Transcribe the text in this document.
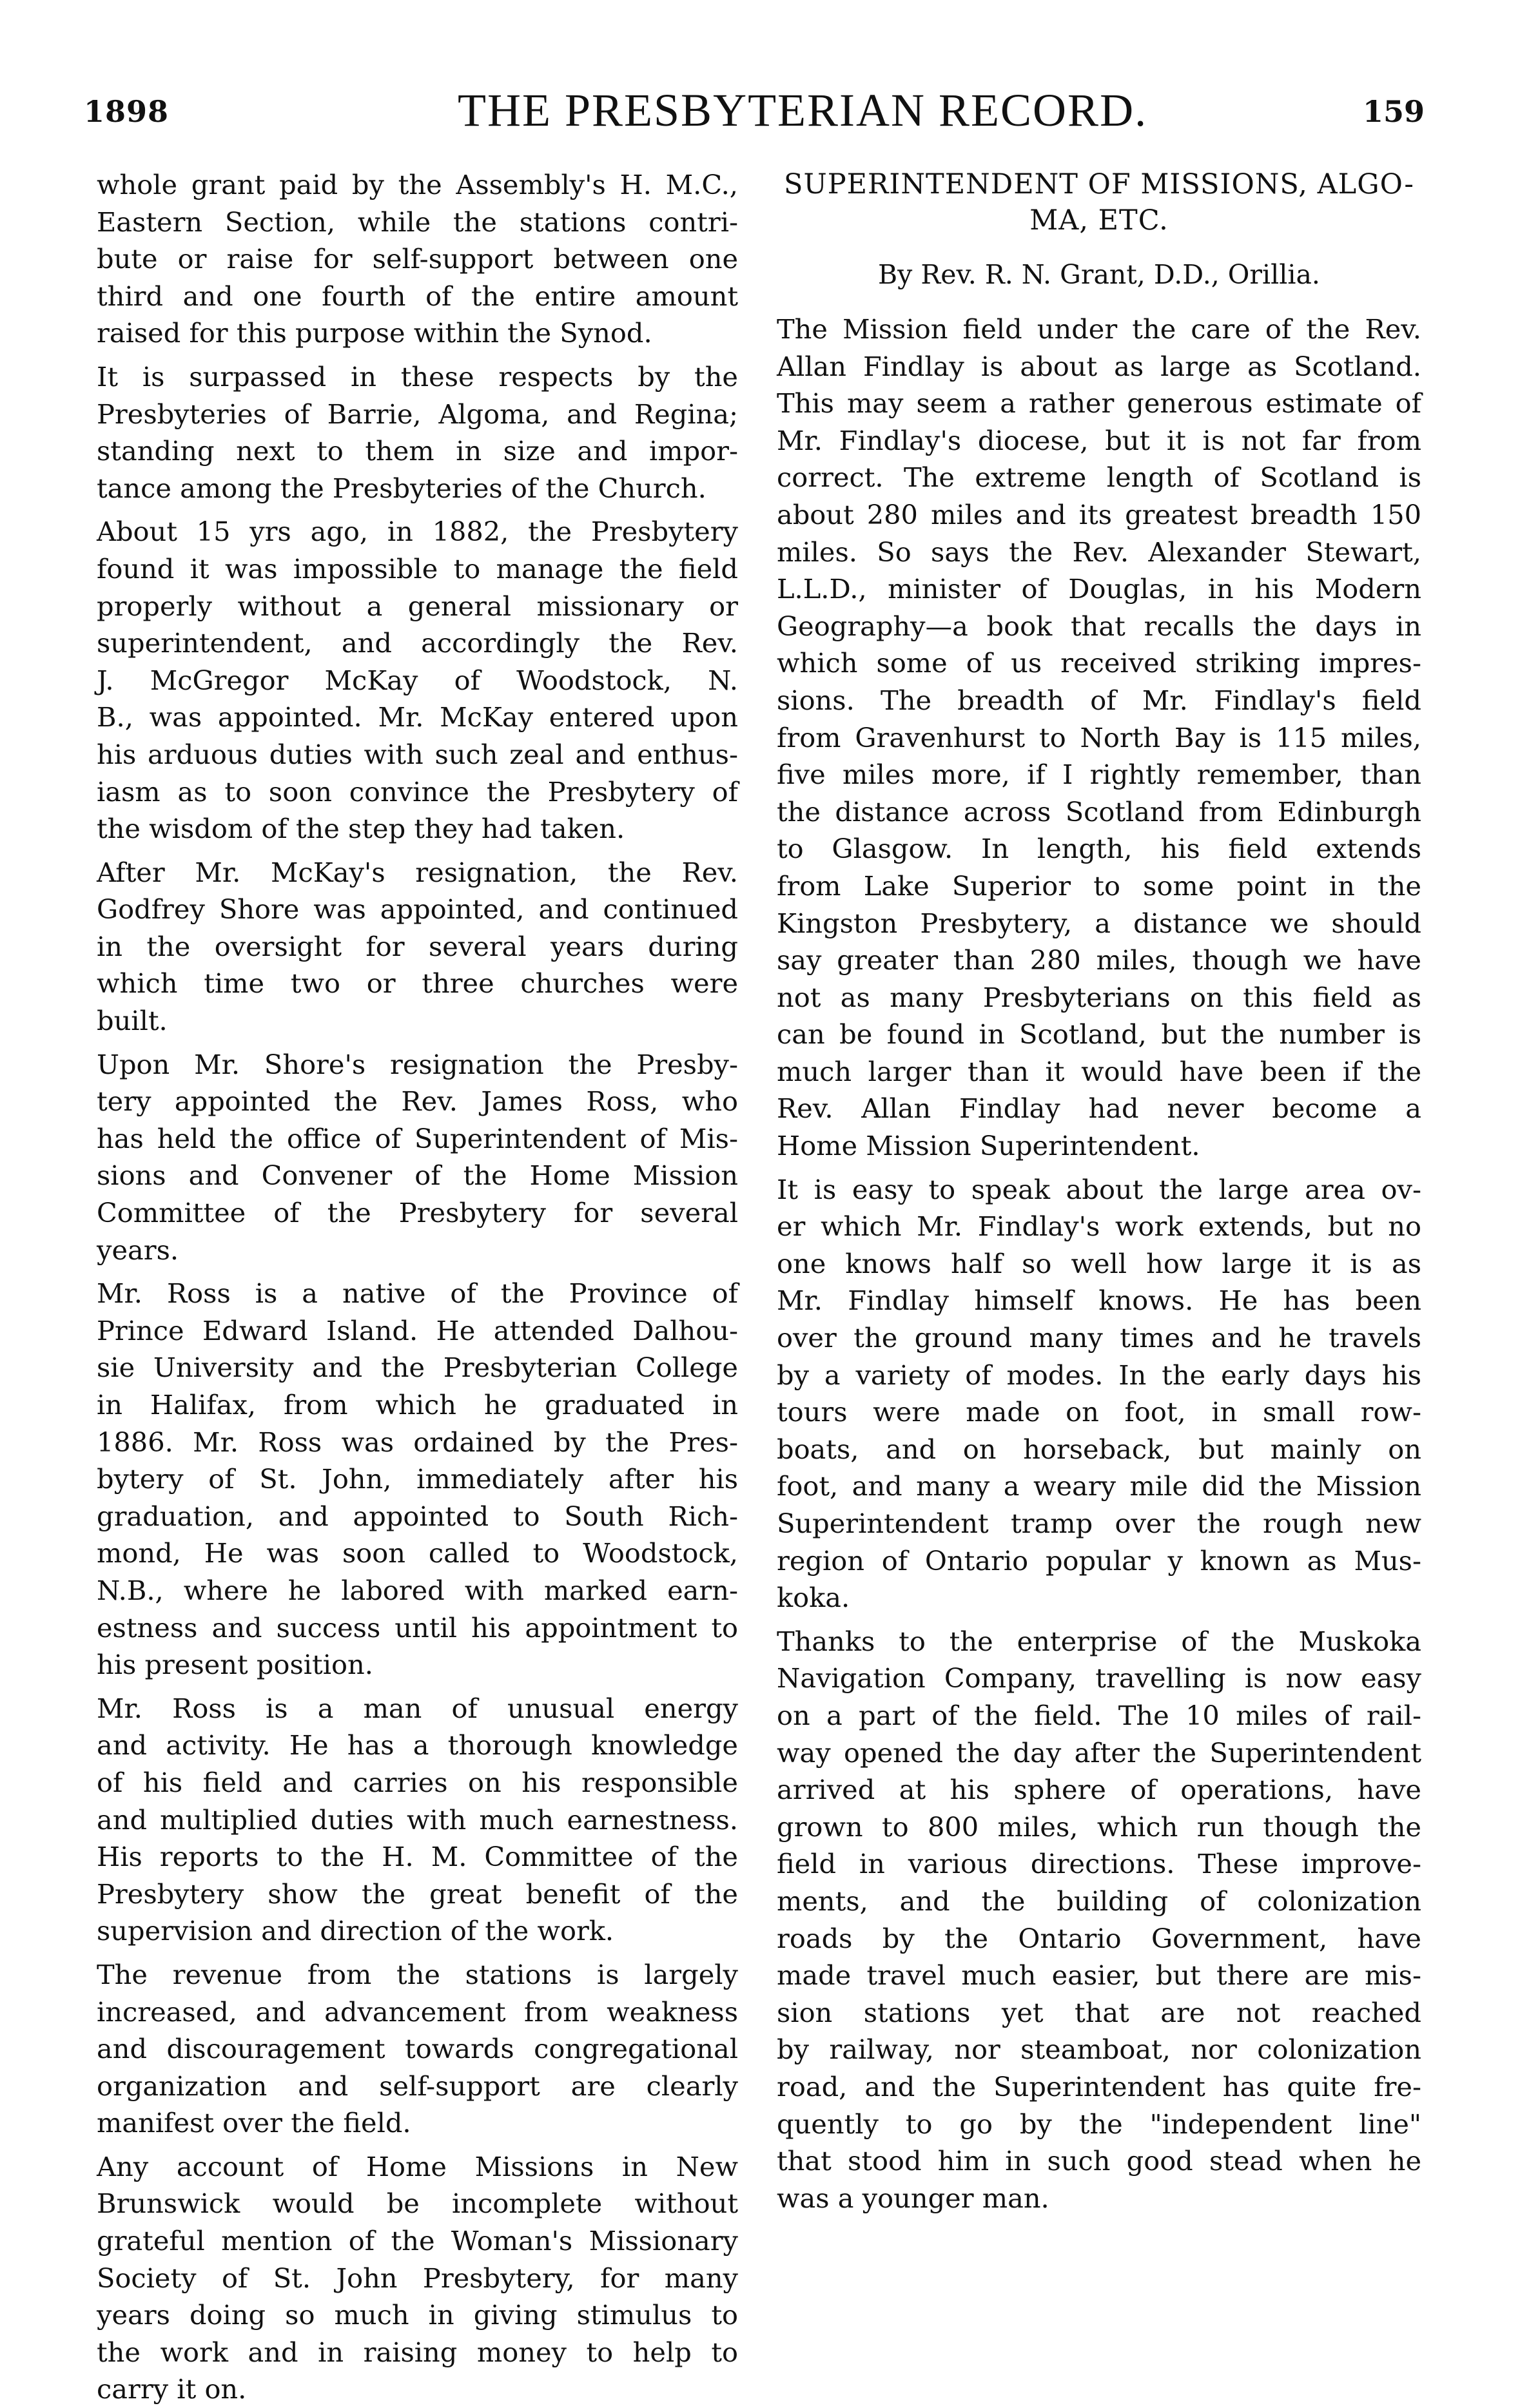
1898	THE PRESBYTERIAN RECORD.	159
whole grant paid by the Assembly's H. M.C.,
Eastern Section, while the stations contri-
bute or raise for self-support between one
third and one fourth of the entire amount
raised for this purpose within the Synod.
It is surpassed in these respects by the
Presbyteries of Barrie, Algoma, and Regina;
standing next to them in size and impor-
tance among the Presbyteries of the Church.
About 15 yrs ago, in 1882, the Presbytery
found it was impossible to manage the field
properly without a general missionary or
superintendent, and accordingly the Rev.
J. McGregor McKay of Woodstock, N.
B., was appointed. Mr. McKay entered upon
his arduous duties with such zeal and enthus-
iasm as to soon convince the Presbytery of
the wisdom of the step they had taken.
After Mr. McKay's resignation, the Rev.
Godfrey Shore was appointed, and continued
in the oversight for several years during
which time two or three churches were
built.
Upon Mr. Shore's resignation the Presby-
tery appointed the Rev. James Ross, who
has held the office of Superintendent of Mis-
sions and Convener of the Home Mission
Committee of the Presbytery for several
years.
Mr. Ross is a native of the Province of
Prince Edward Island. He attended Dalhou-
sie University and the Presbyterian College
in Halifax, from which he graduated in
1886. Mr. Ross was ordained by the Pres-
bytery of St. John, immediately after his
graduation, and appointed to South Rich-
mond, He was soon called to Woodstock,
N.B., where he labored with marked earn-
estness and success until his appointment to
his present position.
Mr. Ross is a man of unusual energy
and activity. He has a thorough knowledge
of his field and carries on his responsible
and multiplied duties with much earnestness.
His reports to the H. M. Committee of the
Presbytery show the great benefit of the
supervision and direction of the work.
The revenue from the stations is largely
increased, and advancement from weakness
and discouragement towards congregational
organization and self-support are clearly
manifest over the field.
Any account of Home Missions in New
Brunswick would be incomplete without
grateful mention of the Woman's Missionary
Society of St. John Presbytery, for many
years doing so much in giving stimulus to
the work and in raising money to help to
carry it on.
SUPERINTENDENT OF MISSIONS, ALGO-
MA, ETC.
By Rev. R. N. Grant, D.D., Orillia.
The Mission field under the care of the Rev.
Allan Findlay is about as large as Scotland.
This may seem a rather generous estimate of
Mr. Findlay's diocese, but it is not far from
correct. The extreme length of Scotland is
about 280 miles and its greatest breadth 150
miles. So says the Rev. Alexander Stewart,
L.L.D., minister of Douglas, in his Modern
Geography—a book that recalls the days in
which some of us received striking impres-
sions. The breadth of Mr. Findlay's field
from Gravenhurst to North Bay is 115 miles,
five miles more, if I rightly remember, than
the distance across Scotland from Edinburgh
to Glasgow. In length, his field extends
from Lake Superior to some point in the
Kingston Presbytery, a distance we should
say greater than 280 miles, though we have
not as many Presbyterians on this field as
can be found in Scotland, but the number is
much larger than it would have been if the
Rev. Allan Findlay had never become a
Home Mission Superintendent.
It is easy to speak about the large area ov-
er which Mr. Findlay's work extends, but no
one knows half so well how large it is as
Mr. Findlay himself knows. He has been
over the ground many times and he travels
by a variety of modes. In the early days his
tours were made on foot, in small row-
boats, and on horseback, but mainly on
foot, and many a weary mile did the Mission
Superintendent tramp over the rough new
region of Ontario popular y known as Mus-
koka.
Thanks to the enterprise of the Muskoka
Navigation Company, travelling is now easy
on a part of the field. The 10 miles of rail-
way opened the day after the Superintendent
arrived at his sphere of operations, have
grown to 800 miles, which run though the
field in various directions. These improve-
ments, and the building of colonization
roads by the Ontario Government, have
made travel much easier, but there are mis-
sion stations yet that are not reached
by railway, nor steamboat, nor colonization
road, and the Superintendent has quite fre-
quently to go by the "independent line"
that stood him in such good stead when he
was a younger man.
